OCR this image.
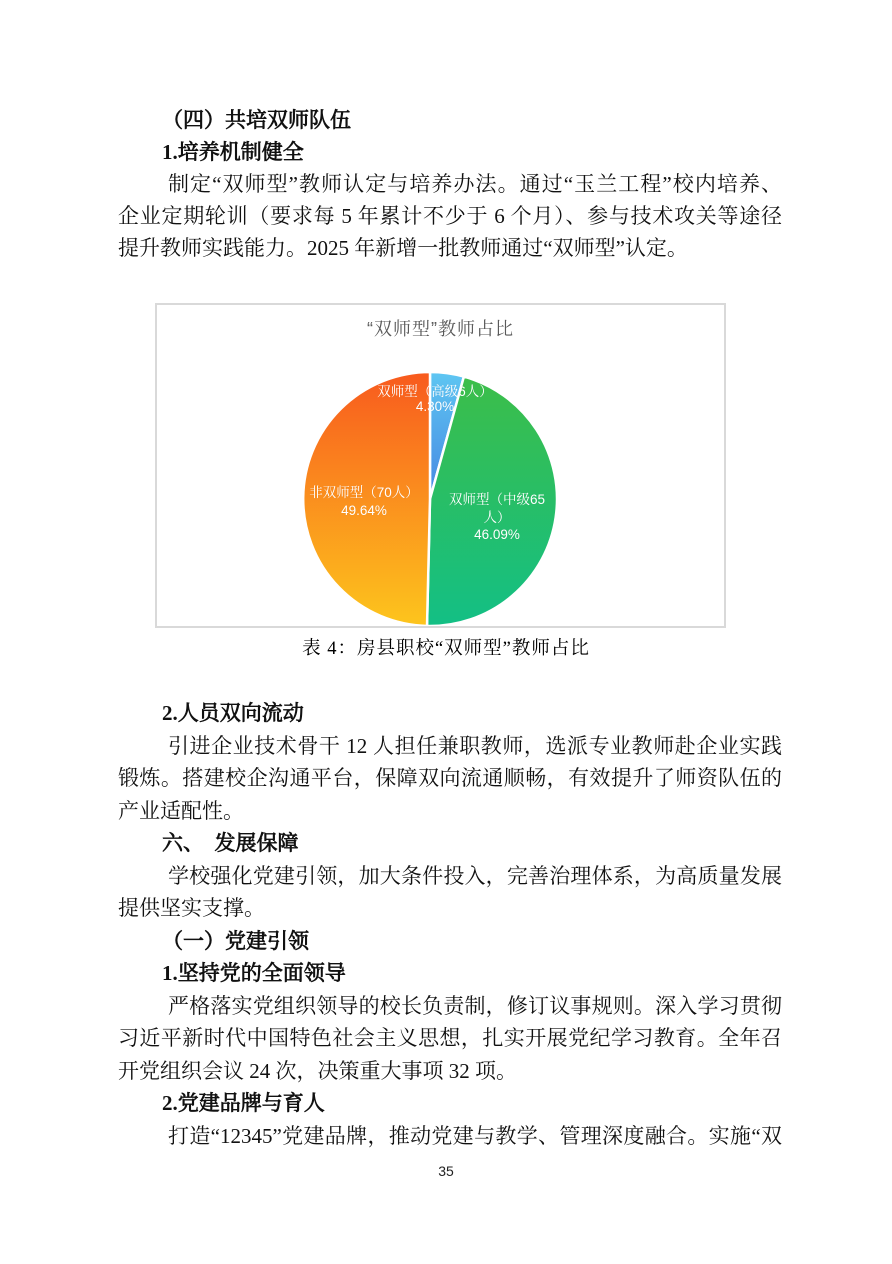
（四）共培双师队伍
1.培养机制健全
制定“双师型”教师认定与培养办法。通过“玉兰工程”校内培养、
企业定期轮训（要求每 5 年累计不少于 6 个月）、参与技术攻关等途径
提升教师实践能力。2025 年新增一批教师通过“双师型”认定。
“双师型”教师占比
双师型（高级6人）
4.30%
双师型（中级65
人）
46.09%
非双师型（70人）
49.64%
表 4：房县职校“双师型”教师占比
2.人员双向流动
引进企业技术骨干 12 人担任兼职教师，选派专业教师赴企业实践
锻炼。搭建校企沟通平台，保障双向流通顺畅，有效提升了师资队伍的
产业适配性。
六、　发展保障
学校强化党建引领，加大条件投入，完善治理体系，为高质量发展
提供坚实支撑。
（一）党建引领
1.坚持党的全面领导
严格落实党组织领导的校长负责制，修订议事规则。深入学习贯彻
习近平新时代中国特色社会主义思想，扎实开展党纪学习教育。全年召
开党组织会议 24 次，决策重大事项 32 项。
2.党建品牌与育人
打造“12345”党建品牌，推动党建与教学、管理深度融合。实施“双
35
